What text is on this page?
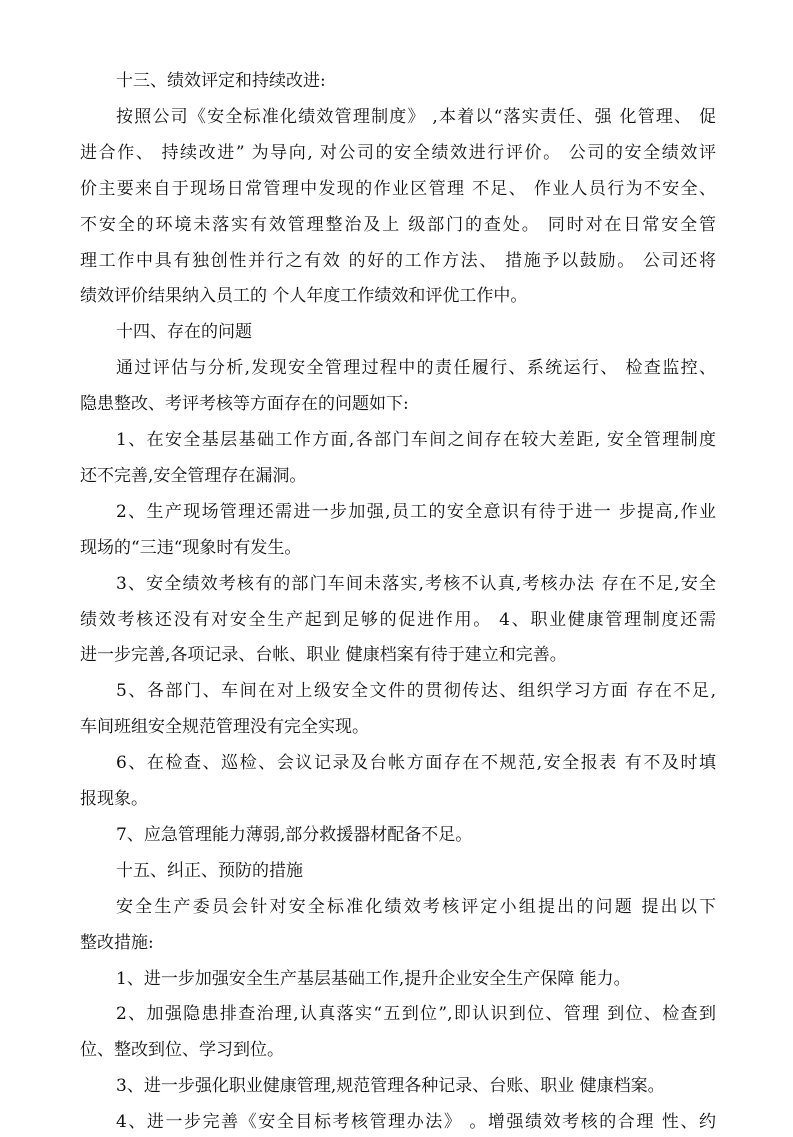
十三、绩效评定和持续改进:
按照公司《安全标准化绩效管理制度》 ,本着以“落实责任、强 化管理、 促
进合作、 持续改进” 为导向, 对公司的安全绩效进行评价。 公司的安全绩效评
价主要来自于现场日常管理中发现的作业区管理 不足、 作业人员行为不安全、
不安全的环境未落实有效管理整治及上 级部门的查处。 同时对在日常安全管
理工作中具有独创性并行之有效 的好的工作方法、 措施予以鼓励。 公司还将
绩效评价结果纳入员工的 个人年度工作绩效和评优工作中。
十四、存在的问题
通过评估与分析,发现安全管理过程中的责任履行、系统运行、 检查监控、
隐患整改、考评考核等方面存在的问题如下:
1、在安全基层基础工作方面,各部门车间之间存在较大差距, 安全管理制度
还不完善,安全管理存在漏洞。
2、生产现场管理还需进一步加强,员工的安全意识有待于进一 步提高,作业
现场的“三违“现象时有发生。
3、安全绩效考核有的部门车间未落实,考核不认真,考核办法 存在不足,安全
绩效考核还没有对安全生产起到足够的促进作用。 4、职业健康管理制度还需
进一步完善,各项记录、台帐、职业 健康档案有待于建立和完善。
5、各部门、车间在对上级安全文件的贯彻传达、组织学习方面 存在不足,
车间班组安全规范管理没有完全实现。
6、在检查、巡检、会议记录及台帐方面存在不规范,安全报表 有不及时填
报现象。
7、应急管理能力薄弱,部分救援器材配备不足。
十五、纠正、预防的措施
安全生产委员会针对安全标准化绩效考核评定小组提出的问题 提出以下
整改措施:
1、进一步加强安全生产基层基础工作,提升企业安全生产保障 能力。
2、加强隐患排查治理,认真落实“五到位”,即认识到位、管理 到位、检查到
位、整改到位、学习到位。
3、进一步强化职业健康管理,规范管理各种记录、台账、职业 健康档案。
4、进一步完善《安全目标考核管理办法》 。增强绩效考核的合理 性、约
